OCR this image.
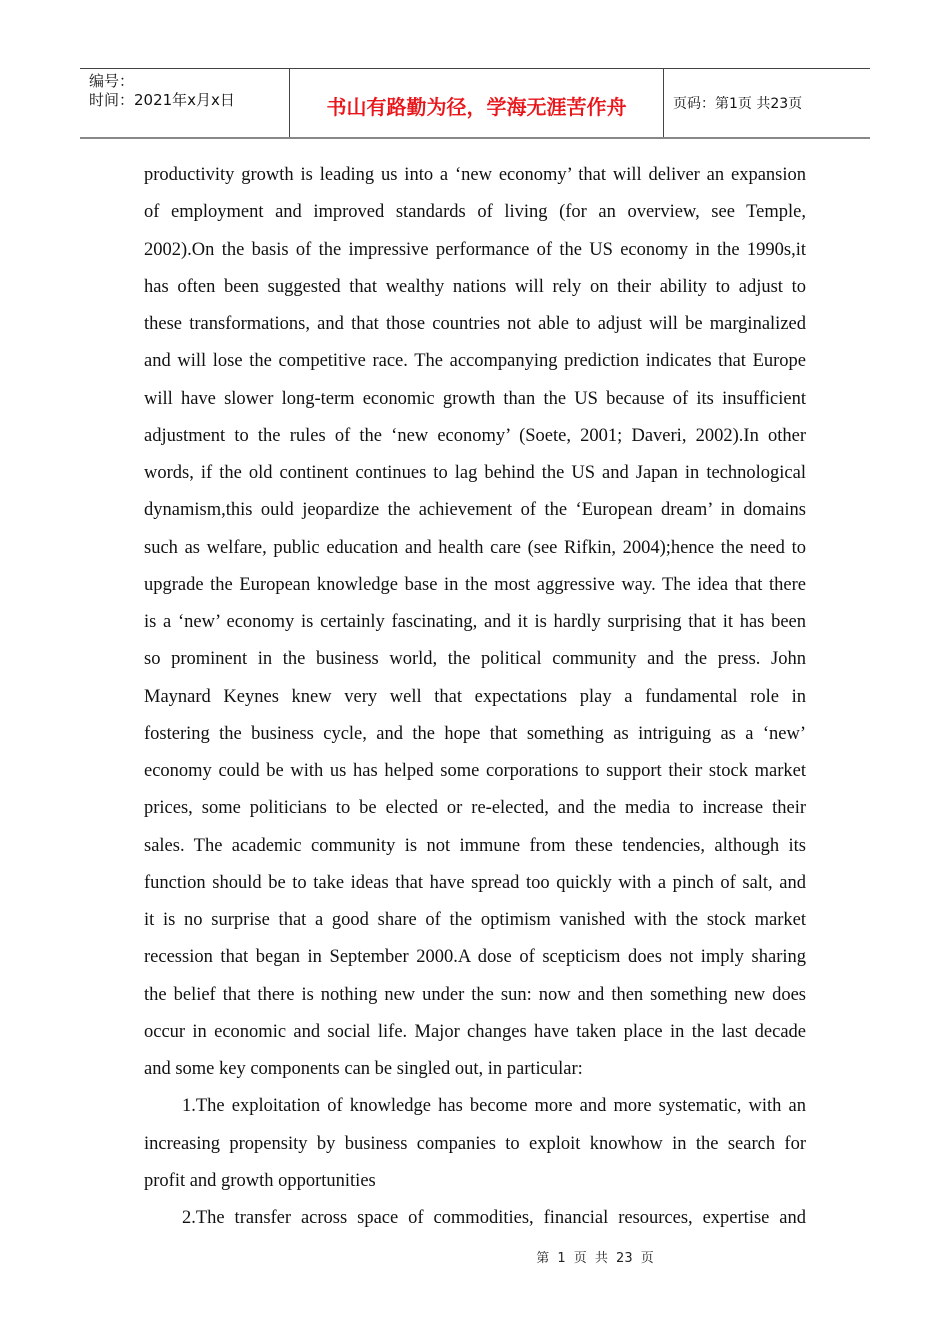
编号：
时间：2021年x月x日	书山有路勤为径，学海无涯苦作舟	页码：第1页 共23页
productivity growth is leading us into a ‘new economy’ that will deliver an expansion
of employment and improved standards of living (for an overview, see Temple,
2002).On the basis of the impressive performance of the US economy in the 1990s,it
has often been suggested that wealthy nations will rely on their ability to adjust to
these transformations, and that those countries not able to adjust will be marginalized
and will lose the competitive race. The accompanying prediction indicates that Europe
will have slower long-term economic growth than the US because of its insufficient
adjustment to the rules of the ‘new economy’ (Soete, 2001; Daveri, 2002).In other
words, if the old continent continues to lag behind the US and Japan in technological
dynamism,this ould jeopardize the achievement of the ‘European dream’ in domains
such as welfare, public education and health care (see Rifkin, 2004);hence the need to
upgrade the European knowledge base in the most aggressive way. The idea that there
is a ‘new’ economy is certainly fascinating, and it is hardly surprising that it has been
so prominent in the business world, the political community and the press. John
Maynard Keynes knew very well that expectations play a fundamental role in
fostering the business cycle, and the hope that something as intriguing as a ‘new’
economy could be with us has helped some corporations to support their stock market
prices, some politicians to be elected or re-elected, and the media to increase their
sales. The academic community is not immune from these tendencies, although its
function should be to take ideas that have spread too quickly with a pinch of salt, and
it is no surprise that a good share of the optimism vanished with the stock market
recession that began in September 2000.A dose of scepticism does not imply sharing
the belief that there is nothing new under the sun: now and then something new does
occur in economic and social life. Major changes have taken place in the last decade
and some key components can be singled out, in particular:
1.The exploitation of knowledge has become more and more systematic, with an
increasing propensity by business companies to exploit knowhow in the search for
profit and growth opportunities
2.The transfer across space of commodities, financial resources, expertise and
第 1 页 共 23 页
